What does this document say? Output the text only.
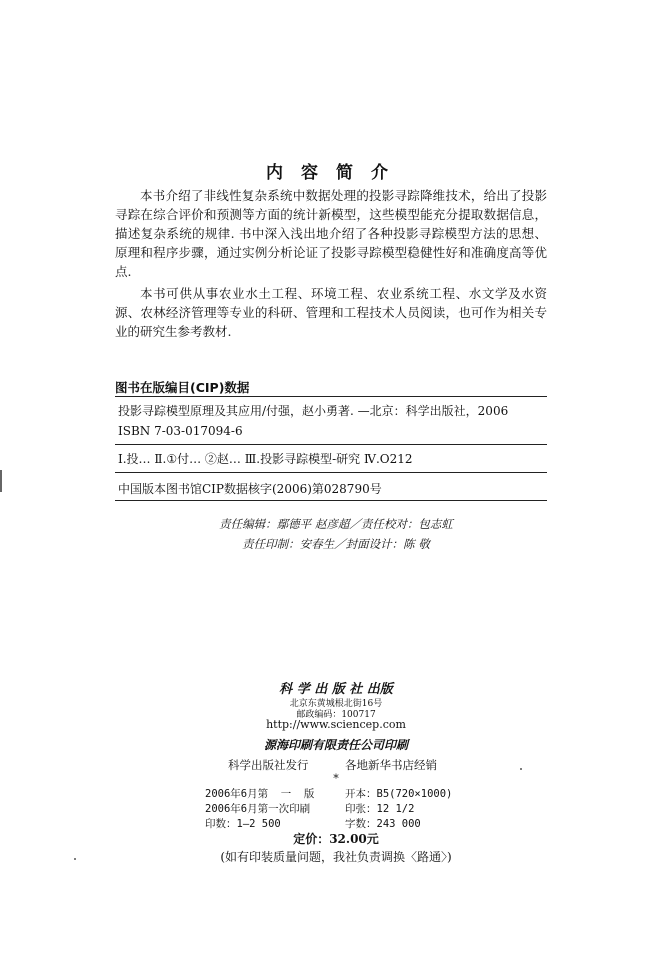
内容简介
本书介绍了非线性复杂系统中数据处理的投影寻踪降维技术，给出了投影寻踪在综合评价和预测等方面的统计新模型，这些模型能充分提取数据信息，描述复杂系统的规律. 书中深入浅出地介绍了各种投影寻踪模型方法的思想、原理和程序步骤，通过实例分析论证了投影寻踪模型稳健性好和准确度高等优点.
本书可供从事农业水土工程、环境工程、农业系统工程、水文学及水资源、农林经济管理等专业的科研、管理和工程技术人员阅读，也可作为相关专业的研究生参考教材.
图书在版编目(CIP)数据
投影寻踪模型原理及其应用/付强，赵小勇著. —北京：科学出版社，2006
ISBN 7-03-017094-6
Ⅰ.投… Ⅱ.①付… ②赵… Ⅲ.投影寻踪模型-研究 Ⅳ.O212
中国版本图书馆CIP数据核字(2006)第028790号
责任编辑：鄢德平 赵彦超／责任校对：包志虹
责任印制：安春生／封面设计：陈 敬
科 学 出 版 社 出版
北京东黄城根北街16号
邮政编码：100717
http://www.sciencep.com
源海印刷有限责任公司印刷
科学出版社发行	各地新华书店经销
*
2006年6月第  一  版	开本：B5(720×1000)
2006年6月第一次印刷	印张：12 1/2
印数：1—2 500	字数：243 000
定价：32.00元
(如有印装质量问题，我社负责调换〈路通〉)
